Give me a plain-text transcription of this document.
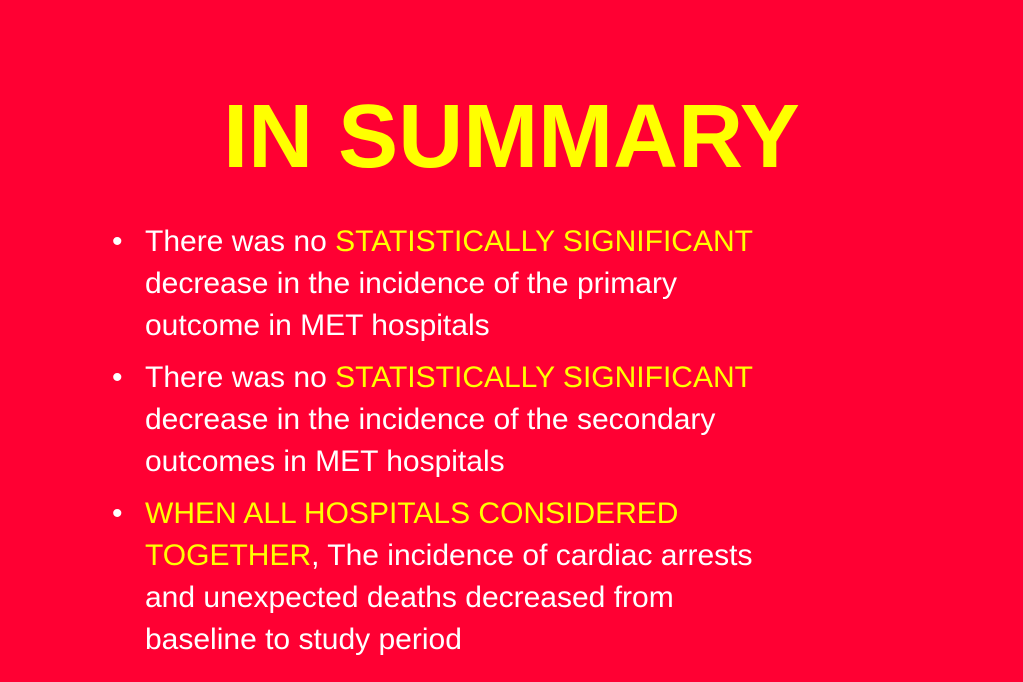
IN SUMMARY
• There was no STATISTICALLY SIGNIFICANT
decrease in the incidence of the primary
outcome in MET hospitals
• There was no STATISTICALLY SIGNIFICANT
decrease in the incidence of the secondary
outcomes in MET hospitals
• WHEN ALL HOSPITALS CONSIDERED
TOGETHER, The incidence of cardiac arrests
and unexpected deaths decreased from
baseline to study period
